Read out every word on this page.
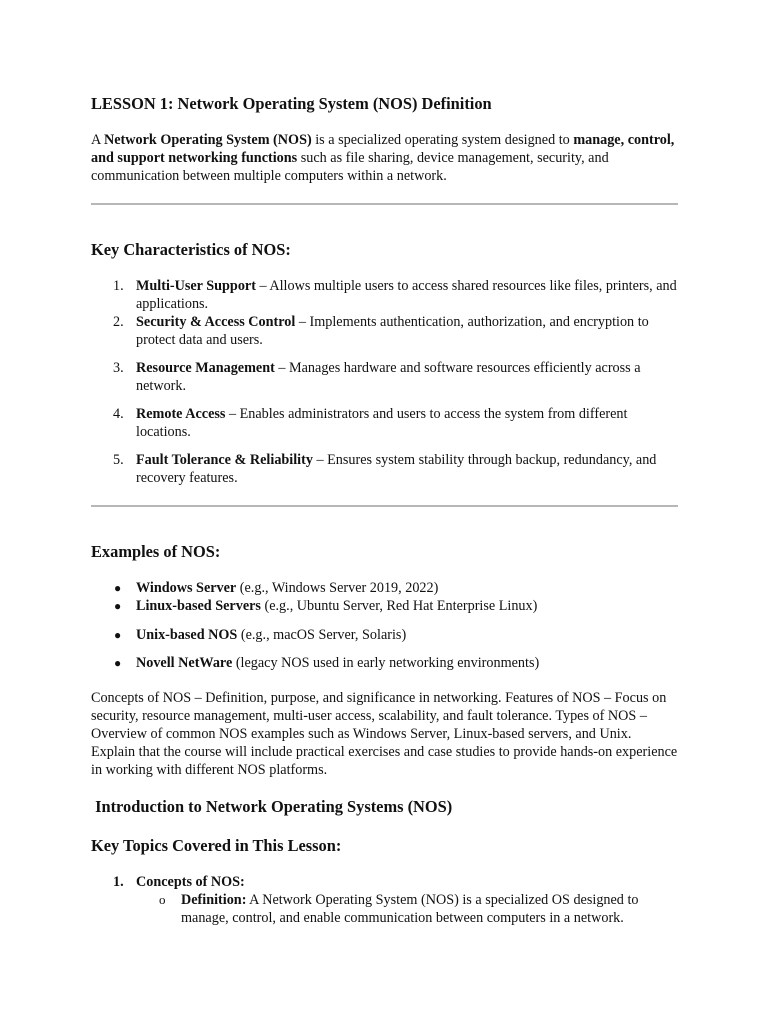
LESSON 1: Network Operating System (NOS) Definition

A Network Operating System (NOS) is a specialized operating system designed to manage, control, and support networking functions such as file sharing, device management, security, and communication between multiple computers within a network.

Key Characteristics of NOS:
1. Multi-User Support – Allows multiple users to access shared resources like files, printers, and applications.
2. Security & Access Control – Implements authentication, authorization, and encryption to protect data and users.
3. Resource Management – Manages hardware and software resources efficiently across a network.
4. Remote Access – Enables administrators and users to access the system from different locations.
5. Fault Tolerance & Reliability – Ensures system stability through backup, redundancy, and recovery features.
Examples of NOS:
● Windows Server (e.g., Windows Server 2019, 2022)
● Linux-based Servers (e.g., Ubuntu Server, Red Hat Enterprise Linux)
● Unix-based NOS (e.g., macOS Server, Solaris)
● Novell NetWare (legacy NOS used in early networking environments)

Concepts of NOS – Definition, purpose, and significance in networking. Features of NOS – Focus on security, resource management, multi-user access, scalability, and fault tolerance. Types of NOS – Overview of common NOS examples such as Windows Server, Linux-based servers, and Unix. Explain that the course will include practical exercises and case studies to provide hands-on experience in working with different NOS platforms.

Introduction to Network Operating Systems (NOS)
Key Topics Covered in This Lesson:
1. Concepts of NOS:
o Definition: A Network Operating System (NOS) is a specialized OS designed to manage, control, and enable communication between computers in a network.
